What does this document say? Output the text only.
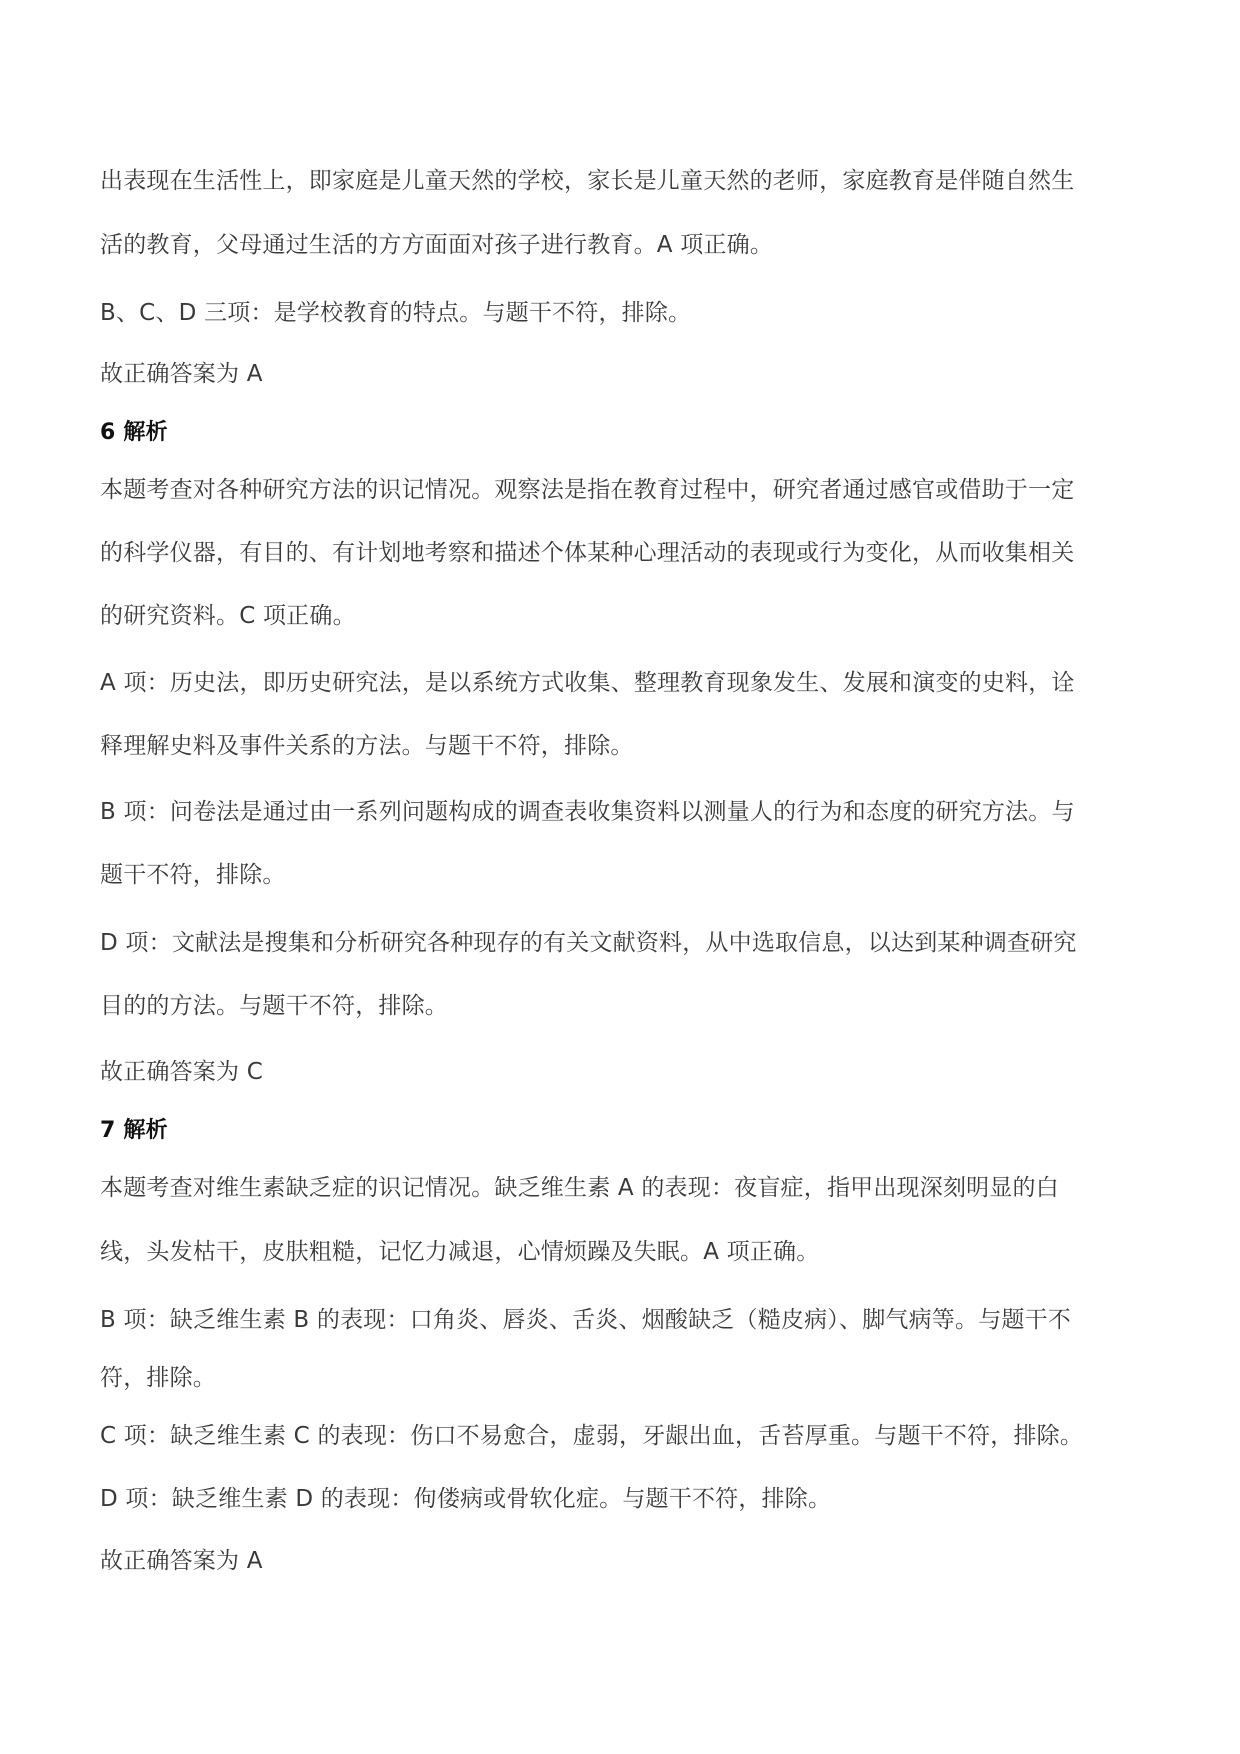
出表现在生活性上，即家庭是儿童天然的学校，家长是儿童天然的老师，家庭教育是伴随自然生
活的教育，父母通过生活的方方面面对孩子进行教育。A 项正确。
B、C、D 三项：是学校教育的特点。与题干不符，排除。
故正确答案为 A
6 解析
本题考查对各种研究方法的识记情况。观察法是指在教育过程中，研究者通过感官或借助于一定
的科学仪器，有目的、有计划地考察和描述个体某种心理活动的表现或行为变化，从而收集相关
的研究资料。C 项正确。
A 项：历史法，即历史研究法，是以系统方式收集、整理教育现象发生、发展和演变的史料，诠
释理解史料及事件关系的方法。与题干不符，排除。
B 项：问卷法是通过由一系列问题构成的调查表收集资料以测量人的行为和态度的研究方法。与
题干不符，排除。
D 项：文献法是搜集和分析研究各种现存的有关文献资料，从中选取信息，以达到某种调查研究
目的的方法。与题干不符，排除。
故正确答案为 C
7 解析
本题考查对维生素缺乏症的识记情况。缺乏维生素 A 的表现：夜盲症，指甲出现深刻明显的白
线，头发枯干，皮肤粗糙，记忆力减退，心情烦躁及失眠。A 项正确。
B 项：缺乏维生素 B 的表现：口角炎、唇炎、舌炎、烟酸缺乏（糙皮病）、脚气病等。与题干不
符，排除。
C 项：缺乏维生素 C 的表现：伤口不易愈合，虚弱，牙龈出血，舌苔厚重。与题干不符，排除。
D 项：缺乏维生素 D 的表现：佝偻病或骨软化症。与题干不符，排除。
故正确答案为 A
